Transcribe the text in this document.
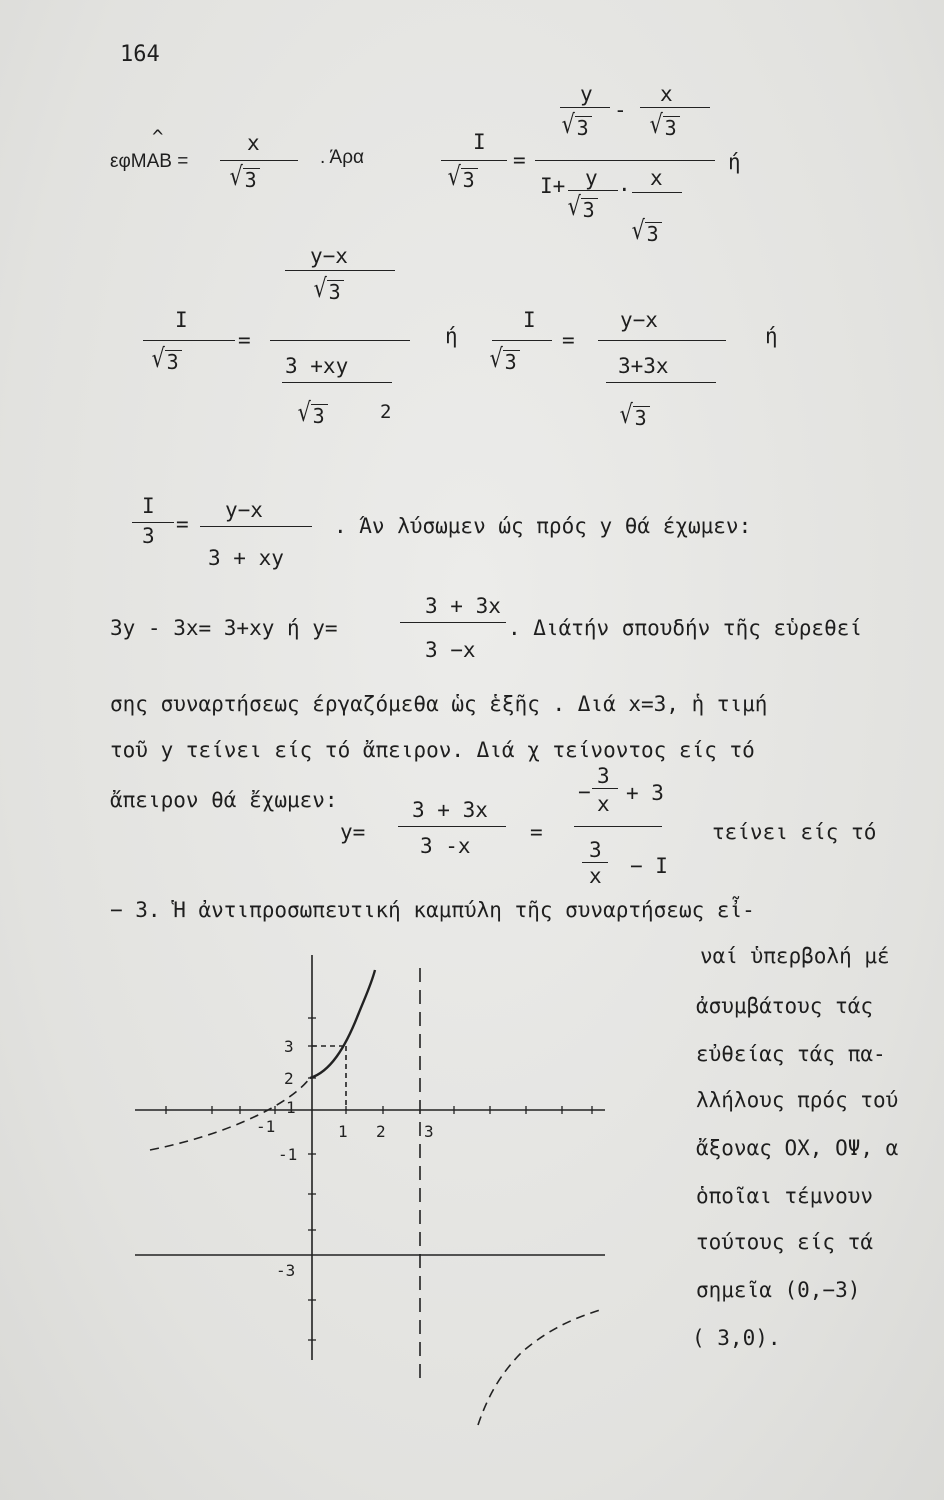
164
εφΜΑΒ =
^	x
√ 3
. Άρα
I
√ 3
=
y
√ 3
-
x
√ 3
I+ y
√ 3
· x
√ 3
ή
I
√ 3
=
y−x
√ 3
3 +xy
√ 3	2
ή
I
√ 3
=
y−x
3+3x
√ 3
ή
I
3 =
y−x
3 + xy
. Άν λύσωμεν ώς πρός y θά έχωμεν:
3y - 3x= 3+xy ή y=
3 + 3x
3 −x
. Διάτήν σπουδήν τῆς εὑρεθεί
σης συναρτήσεως έργαζόμεθα ὡς ἑξῆς . Διά x=3, ἡ τιμή
τοῦ y τείνει είς τό ἄπειρον. Διά χ τείνοντος είς τό
ἄπειρον θά ἔχωμεν:
y=
3 + 3x
3 -x
=
−
3
x + 3
3
x − I
τείνει είς τό
− 3. Ἡ ἀντιπροσωπευτική καμπύλη τῆς συναρτήσεως εἶ-
ναί ὑπερβολή μέ
ἀσυμβάτους τάς
εὐθείας τάς πα-
λλήλους πρός τού
ἄξονας ΟΧ, ΟΨ, α
ὁποῖαι τέμνουν
τούτους είς τά
σημεῖα (0,−3)
( 3,0).
3
2
1
-1	1 2 3
-1
-3
